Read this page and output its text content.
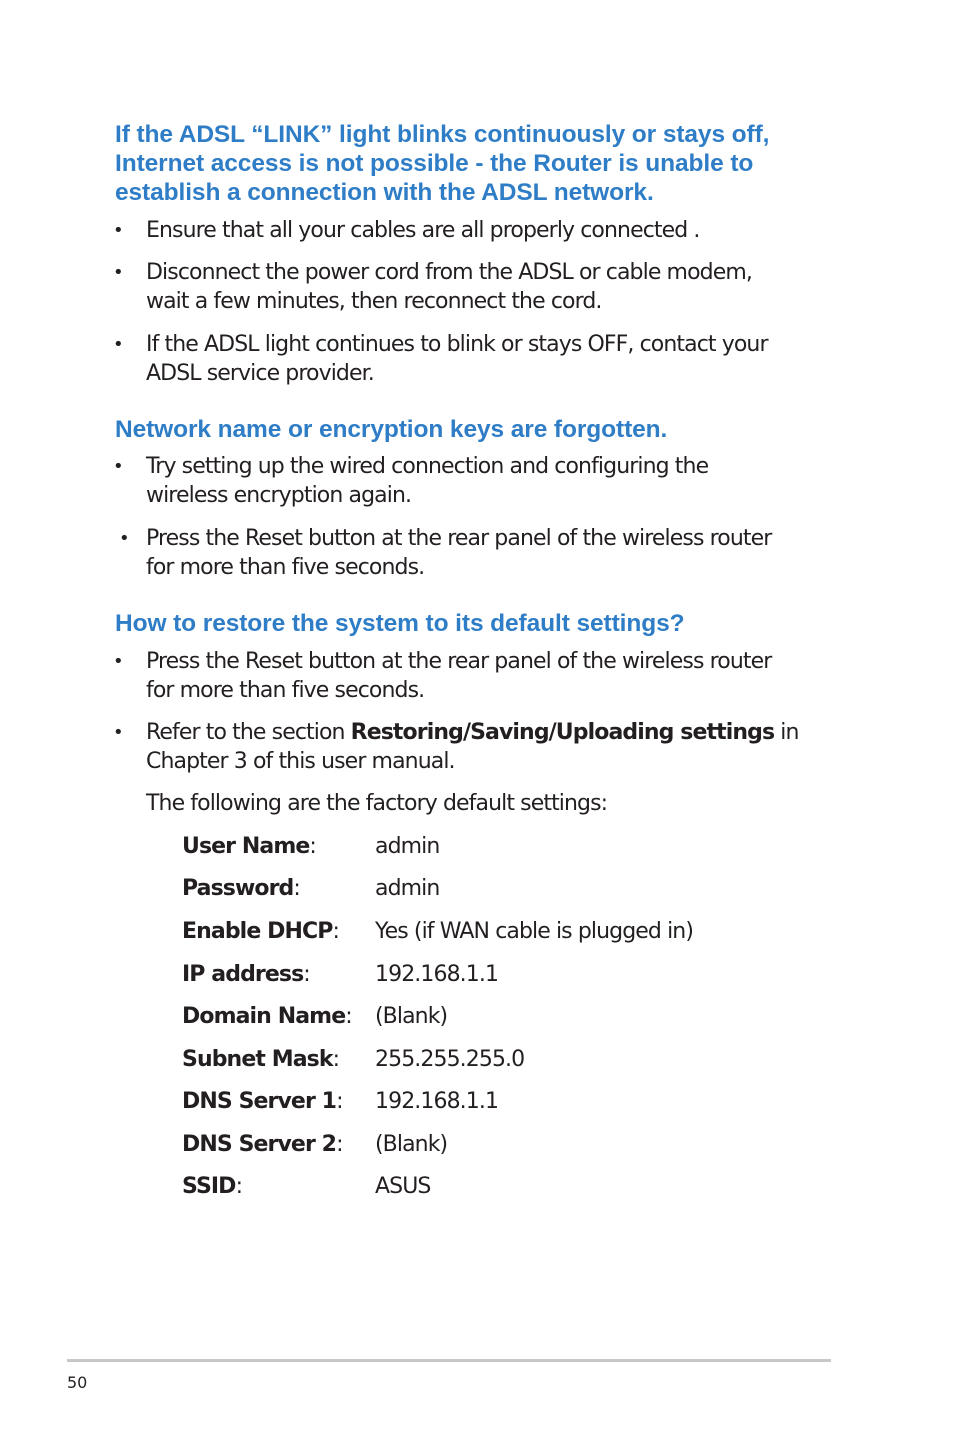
If the ADSL “LINK” light blinks continuously or stays off,
Internet access is not possible - the Router is unable to
establish a connection with the ADSL network.
• Ensure that all your cables are all properly connected .
• Disconnect the power cord from the ADSL or cable modem,
wait a few minutes, then reconnect the cord.
• If the ADSL light continues to blink or stays OFF, contact your
ADSL service provider.
Network name or encryption keys are forgotten.
• Try setting up the wired connection and configuring the
wireless encryption again.
• Press the Reset button at the rear panel of the wireless router
for more than five seconds.
How to restore the system to its default settings?
• Press the Reset button at the rear panel of the wireless router
for more than five seconds.
• Refer to the section Restoring/Saving/Uploading settings in
Chapter 3 of this user manual.
The following are the factory default settings:
User Name:	admin
Password:	admin
Enable DHCP: Yes (if WAN cable is plugged in)
IP address:	192.168.1.1
Domain Name: (Blank)
Subnet Mask: 255.255.255.0
DNS Server 1: 192.168.1.1
DNS Server 2: (Blank)
SSID:	ASUS
50
